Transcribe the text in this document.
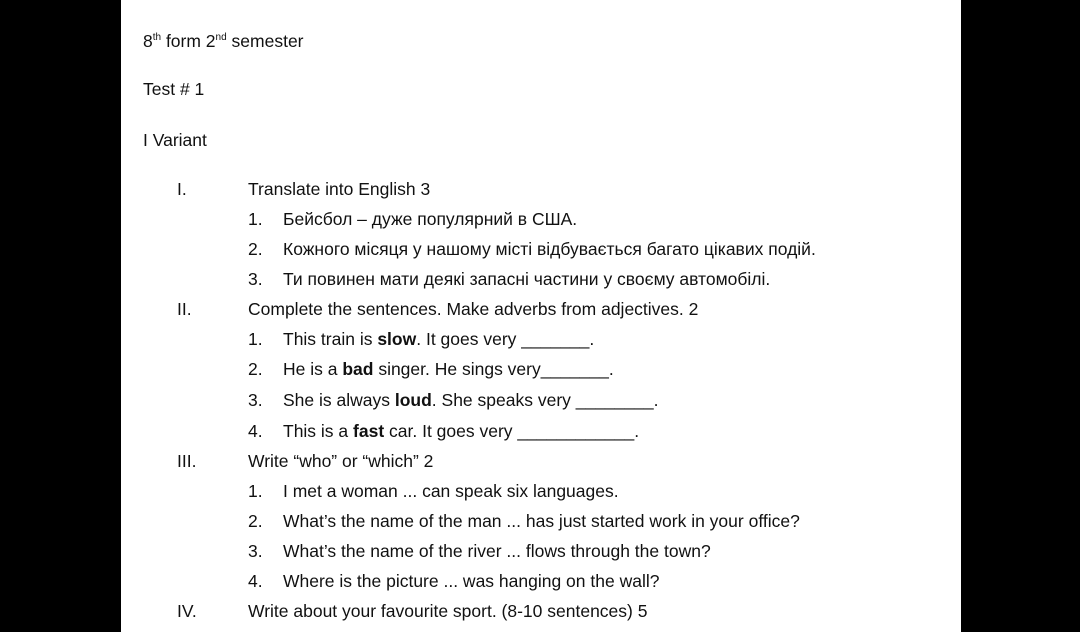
8th form 2nd semester
Test # 1
I Variant
I.	Translate into English 3
1. Бейсбол – дуже популярний в США.
2. Кожного місяця у нашому місті відбувається багато цікавих подій.
3. Ти повинен мати деякі запасні частини у своєму автомобілі.
II.	Complete the sentences. Make adverbs from adjectives. 2
1. This train is slow. It goes very _______.
2. He is a bad singer. He sings very_______.
3. She is always loud. She speaks very ________.
4. This is a fast car. It goes very ____________.
III.	Write “who” or “which” 2
1. I met a woman ... can speak six languages.
2. What’s the name of the man ... has just started work in your office?
3. What’s the name of the river ... flows through the town?
4. Where is the picture ... was hanging on the wall?
IV.	Write about your favourite sport. (8-10 sentences) 5
